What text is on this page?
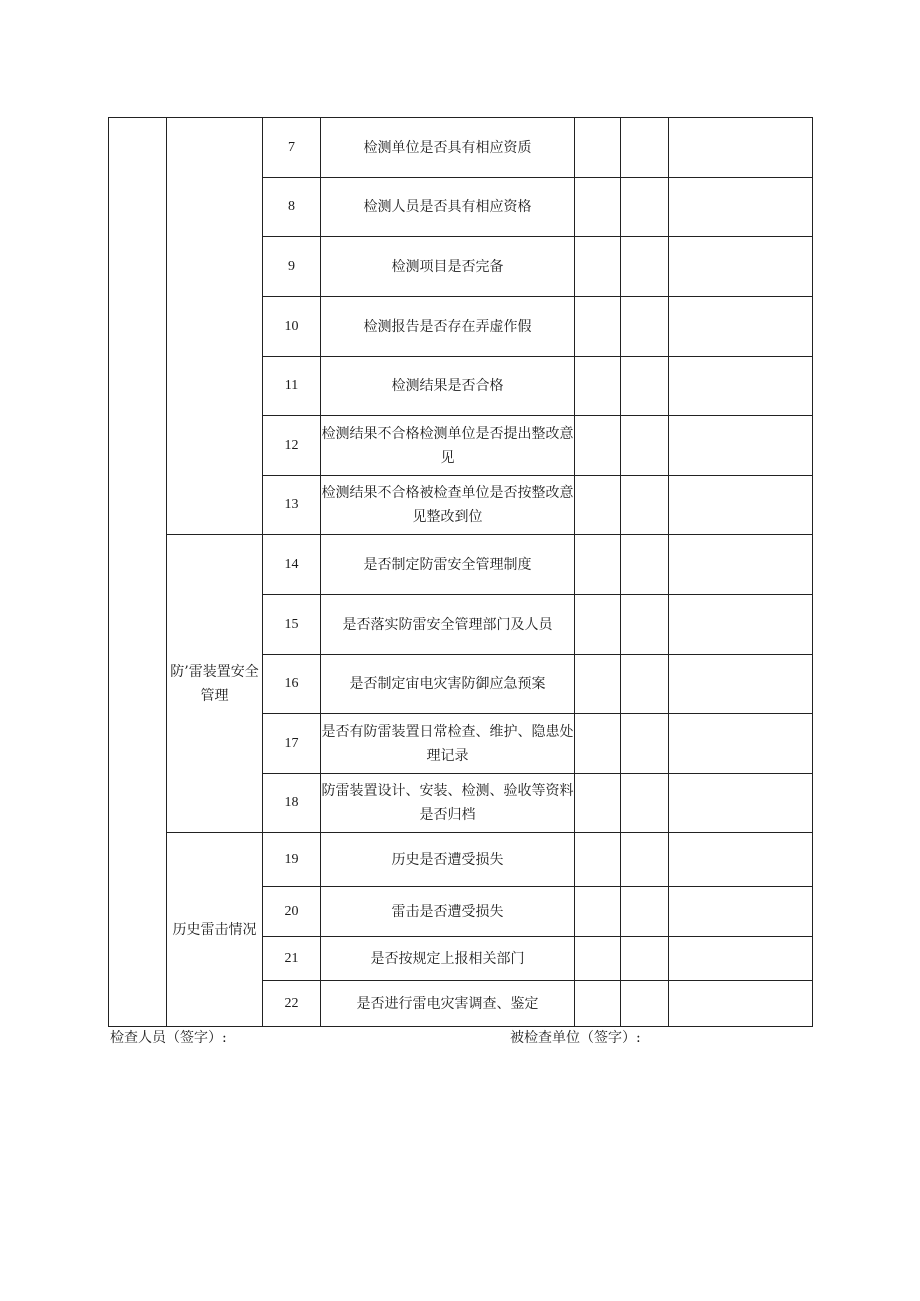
		7	检测单位是否具有相应资质			
		8	检测人员是否具有相应资格			
		9	检测项目是否完备			
		10	检测报告是否存在弄虚作假			
		11	检测结果是否合格			
		12	检测结果不合格检测单位是否提出整改意见			
		13	检测结果不合格被检查单位是否按整改意见整改到位			
	防’雷装置安全管理	14	是否制定防雷安全管理制度			
		15	是否落实防雷安全管理部门及人员			
		16	是否制定宙电灾害防御应急预案			
		17	是否有防雷装置日常检查、维护、隐患处理记录			
		18	防雷装置设计、安装、检测、验收等资料是否归档			
	历史雷击情况	19	历史是否遭受损失			
		20	雷击是否遭受损失			
		21	是否按规定上报相关部门			
		22	是否进行雷电灾害调查、鉴定			
检查人员（签字）:	被检查单位（签字）:
